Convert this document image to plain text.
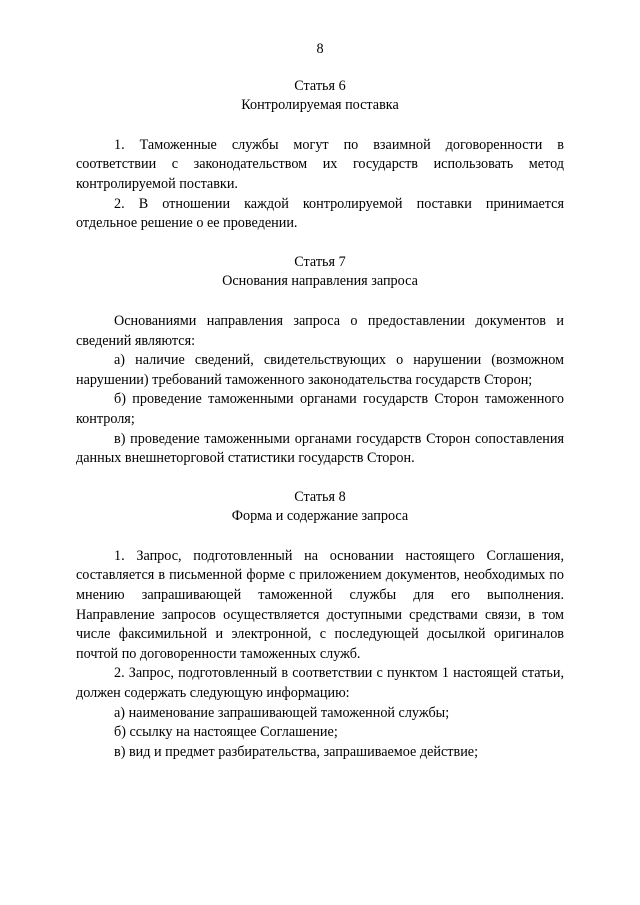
8

Статья 6

Контролируемая поставка

1. Таможенные службы могут по взаимной договоренности в соответствии с законодательством их государств использовать метод контролируемой поставки.

2. В отношении каждой контролируемой поставки принимается отдельное решение о ее проведении.

Статья 7

Основания направления запроса

Основаниями направления запроса о предоставлении документов и сведений являются:

а) наличие сведений, свидетельствующих о нарушении (возможном нарушении) требований таможенного законодательства государств Сторон;

б) проведение таможенными органами государств Сторон таможенного контроля;

в) проведение таможенными органами государств Сторон сопоставления данных внешнеторговой статистики государств Сторон.

Статья 8

Форма и содержание запроса

1. Запрос, подготовленный на основании настоящего Соглашения, составляется в письменной форме с приложением документов, необходимых по мнению запрашивающей таможенной службы для его выполнения. Направление запросов осуществляется доступными средствами связи, в том числе факсимильной и электронной, с последующей досылкой оригиналов почтой по договоренности таможенных служб.

2. Запрос, подготовленный в соответствии с пунктом 1 настоящей статьи, должен содержать следующую информацию:

а) наименование запрашивающей таможенной службы;

б) ссылку на настоящее Соглашение;

в) вид и предмет разбирательства, запрашиваемое действие;
